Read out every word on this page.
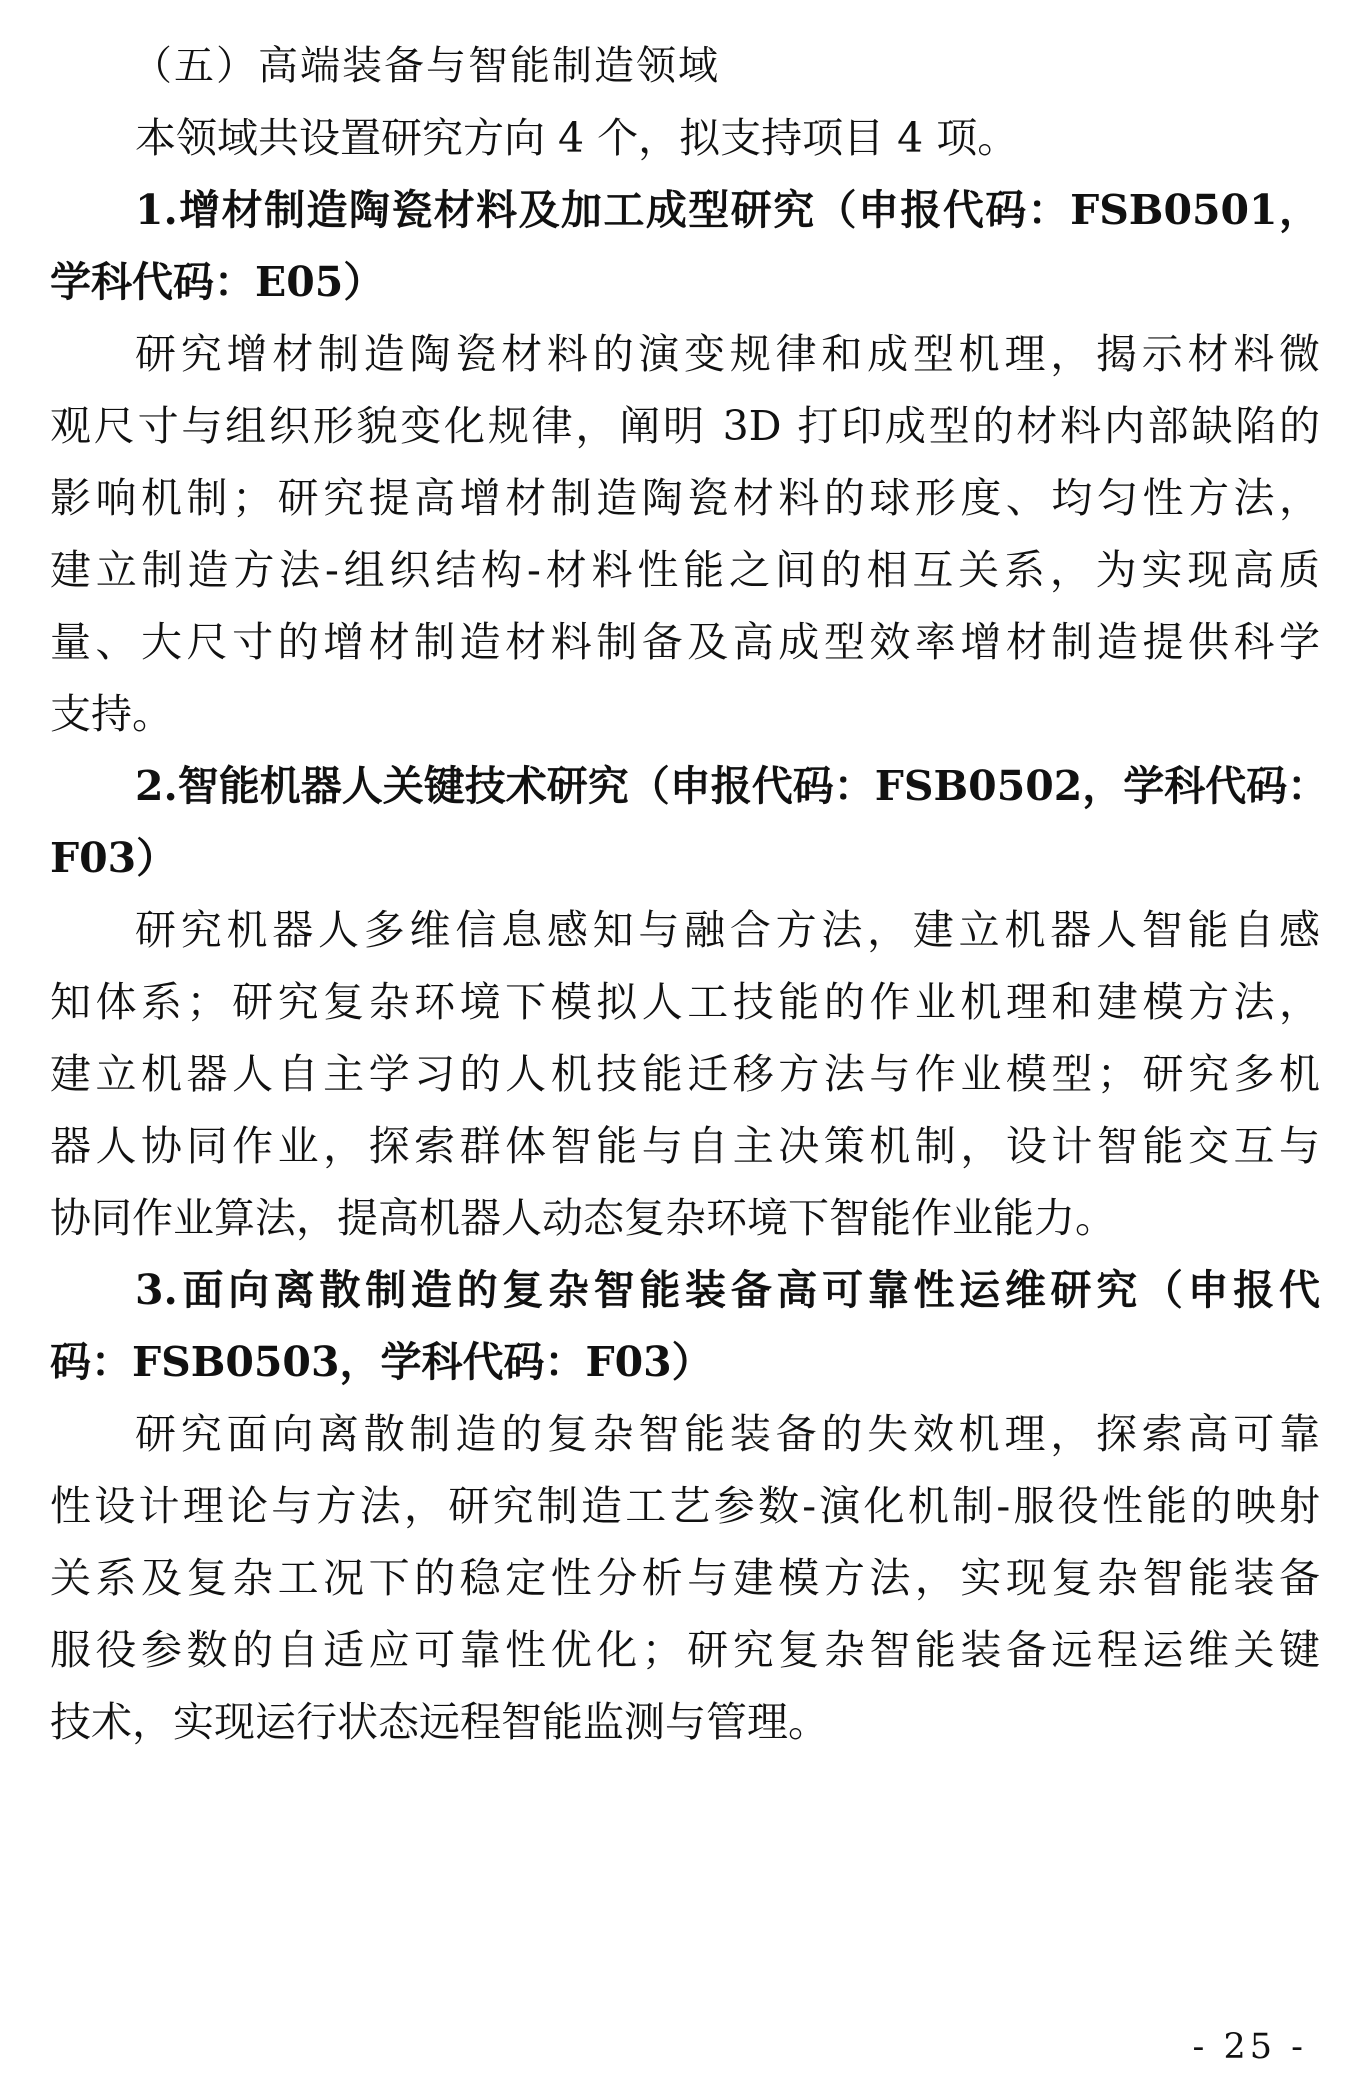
（五）高端装备与智能制造领域
本领域共设置研究方向 4 个，拟支持项目 4 项。
1.增材制造陶瓷材料及加工成型研究（申报代码：FSB0501，
学科代码：E05）
研究增材制造陶瓷材料的演变规律和成型机理，揭示材料微
观尺寸与组织形貌变化规律，阐明 3D 打印成型的材料内部缺陷的
影响机制；研究提高增材制造陶瓷材料的球形度、均匀性方法，
建立制造方法-组织结构-材料性能之间的相互关系，为实现高质
量、大尺寸的增材制造材料制备及高成型效率增材制造提供科学
支持。
2.智能机器人关键技术研究（申报代码：FSB0502，学科代码：
F03）
研究机器人多维信息感知与融合方法，建立机器人智能自感
知体系；研究复杂环境下模拟人工技能的作业机理和建模方法，
建立机器人自主学习的人机技能迁移方法与作业模型；研究多机
器人协同作业，探索群体智能与自主决策机制，设计智能交互与
协同作业算法，提高机器人动态复杂环境下智能作业能力。
3.面向离散制造的复杂智能装备高可靠性运维研究（申报代
码：FSB0503，学科代码：F03）
研究面向离散制造的复杂智能装备的失效机理，探索高可靠
性设计理论与方法，研究制造工艺参数-演化机制-服役性能的映射
关系及复杂工况下的稳定性分析与建模方法，实现复杂智能装备
服役参数的自适应可靠性优化；研究复杂智能装备远程运维关键
技术，实现运行状态远程智能监测与管理。
- 25 -
